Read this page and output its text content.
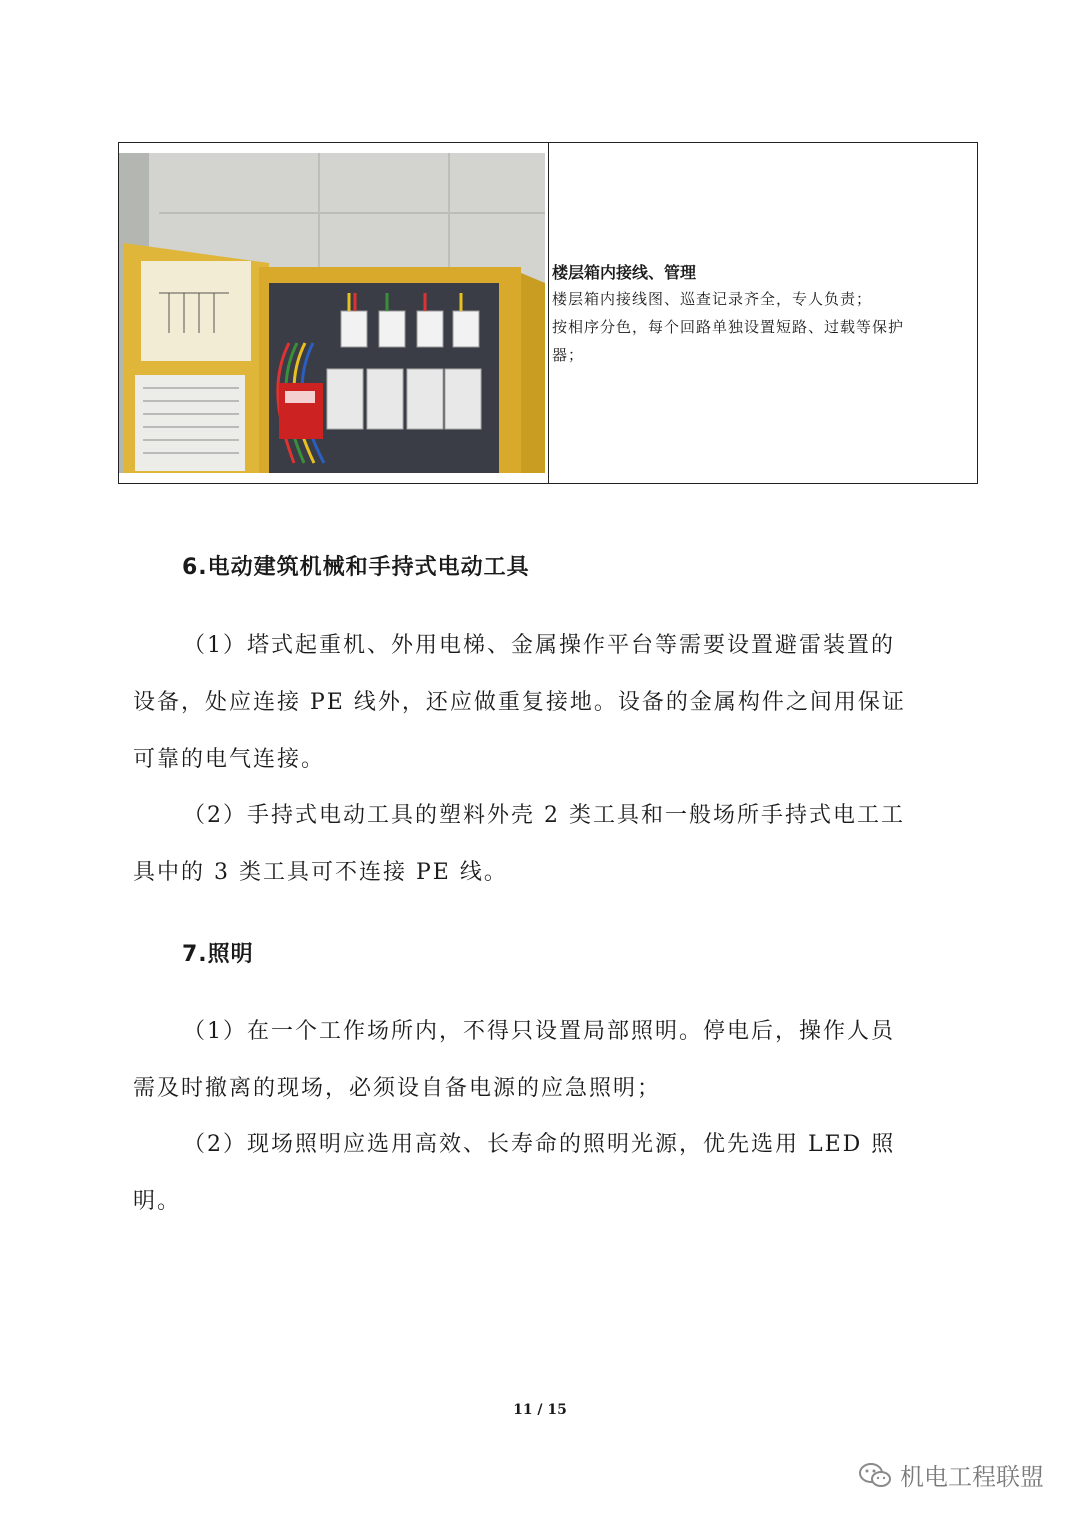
楼层箱内接线、管理
楼层箱内接线图、巡查记录齐全，专人负责；
按相序分色，每个回路单独设置短路、过载等保护
器；
6.电动建筑机械和手持式电动工具

（1）塔式起重机、外用电梯、金属操作平台等需要设置避雷装置的设备，处应连接 PE 线外，还应做重复接地。设备的金属构件之间用保证可靠的电气连接。

（2）手持式电动工具的塑料外壳 2 类工具和一般场所手持式电工工具中的 3 类工具可不连接 PE 线。

7.照明

（1）在一个工作场所内，不得只设置局部照明。停电后，操作人员需及时撤离的现场，必须设自备电源的应急照明；

（2）现场照明应选用高效、长寿命的照明光源，优先选用 LED 照明。

11 / 15
机电工程联盟
